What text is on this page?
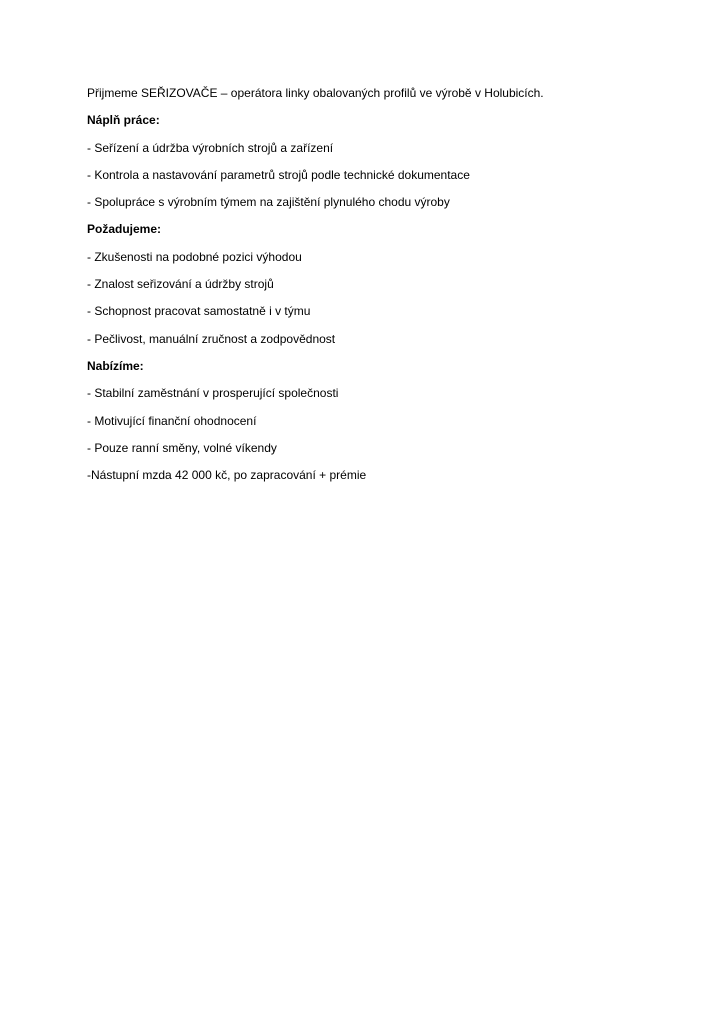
Přijmeme SEŘIZOVAČE – operátora linky obalovaných profilů ve výrobě v Holubicích.

Náplň práce:

- Seřízení a údržba výrobních strojů a zařízení

- Kontrola a nastavování parametrů strojů podle technické dokumentace

- Spolupráce s výrobním týmem na zajištění plynulého chodu výroby

Požadujeme:

- Zkušenosti na podobné pozici výhodou

- Znalost seřizování a údržby strojů

- Schopnost pracovat samostatně i v týmu

- Pečlivost, manuální zručnost a zodpovědnost

Nabízíme:

- Stabilní zaměstnání v prosperující společnosti

- Motivující finanční ohodnocení

- Pouze ranní směny, volné víkendy

-Nástupní mzda 42 000 kč, po zapracování + prémie
